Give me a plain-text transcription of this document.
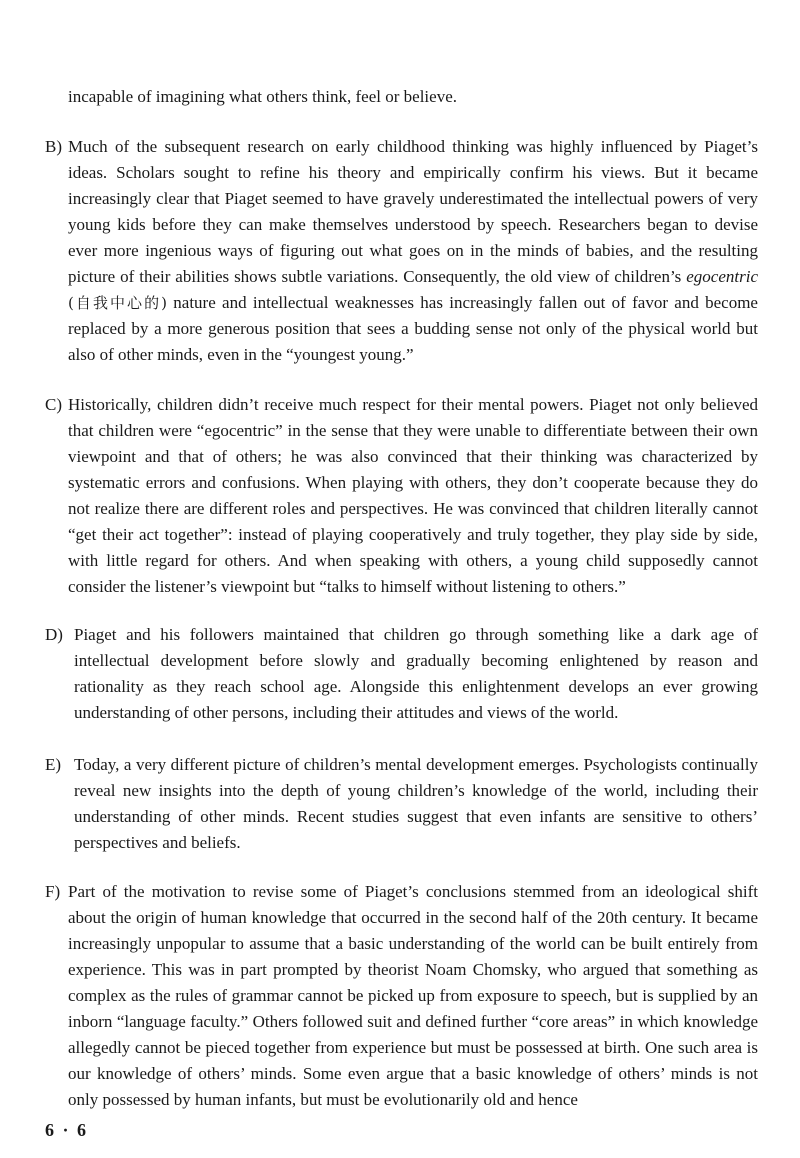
incapable of imagining what others think, feel or believe.
B) Much of the subsequent research on early childhood thinking was highly influenced by Piaget’s ideas. Scholars sought to refine his theory and empirically confirm his views. But it became increasingly clear that Piaget seemed to have gravely underestimated the intellectual powers of very young kids before they can make themselves understood by speech. Researchers began to devise ever more ingenious ways of figuring out what goes on in the minds of babies, and the resulting picture of their abilities shows subtle variations. Consequently, the old view of children’s egocentric (自我中心的) nature and intellectual weaknesses has increasingly fallen out of favor and become replaced by a more generous position that sees a budding sense not only of the physical world but also of other minds, even in the “youngest young.”
C) Historically, children didn’t receive much respect for their mental powers. Piaget not only believed that children were “egocentric” in the sense that they were unable to differentiate between their own viewpoint and that of others; he was also convinced that their thinking was characterized by systematic errors and confusions. When playing with others, they don’t cooperate because they do not realize there are different roles and perspectives. He was convinced that children literally cannot “get their act together”: instead of playing cooperatively and truly together, they play side by side, with little regard for others. And when speaking with others, a young child supposedly cannot consider the listener’s viewpoint but “talks to himself without listening to others.”
D) Piaget and his followers maintained that children go through something like a dark age of intellectual development before slowly and gradually becoming enlightened by reason and rationality as they reach school age. Alongside this enlightenment develops an ever growing understanding of other persons, including their attitudes and views of the world.
E) Today, a very different picture of children’s mental development emerges. Psychologists continually reveal new insights into the depth of young children’s knowledge of the world, including their understanding of other minds. Recent studies suggest that even infants are sensitive to others’ perspectives and beliefs.
F) Part of the motivation to revise some of Piaget’s conclusions stemmed from an ideological shift about the origin of human knowledge that occurred in the second half of the 20th century. It became increasingly unpopular to assume that a basic understanding of the world can be built entirely from experience. This was in part prompted by theorist Noam Chomsky, who argued that something as complex as the rules of grammar cannot be picked up from exposure to speech, but is supplied by an inborn “language faculty.” Others followed suit and defined further “core areas” in which knowledge allegedly cannot be pieced together from experience but must be possessed at birth. One such area is our knowledge of others’ minds. Some even argue that a basic knowledge of others’ minds is not only possessed by human infants, but must be evolutionarily old and hence
6 · 6
